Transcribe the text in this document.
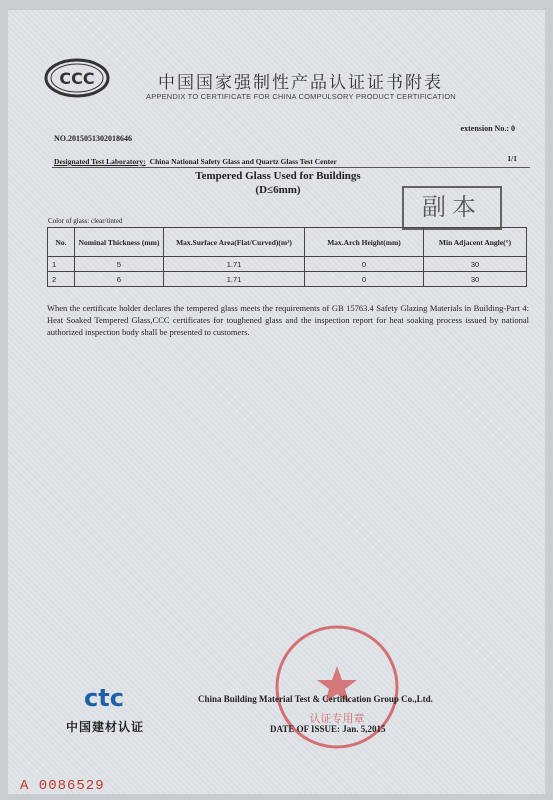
CCC	中国国家强制性产品认证证书附表
APPENDIX TO CERTIFICATE FOR CHINA COMPULSORY PRODUCT CERTIFICATION
NO.2015051302018646
extension No.: 0
Designated Test Laboratory: China National Safety Glass and Quartz Glass Test Center	1/1
Tempered Glass Used for Buildings
(D≤6mm)
副本
Color of glass: clear/tinted
No.	Nominal Thickness (mm)	Max.Surface Area(Flat/Curved)(m²)	Max.Arch Height(mm)	Min Adjacent Angle(°)
1	5	1.71	0	30
2	6	1.71	0	30
When the certificate holder declares the tempered glass meets the requirements of GB 15763.4 Safety Glazing Materials in Building-Part 4: Heat Soaked Tempered Glass,CCC certificates for toughened glass and the inspection report for heat soaking process issued by national authorized inspection body shall be presented to customers.
ctc
中国建材认证
认证专用章
China Building Material Test & Certification Group Co.,Ltd.
DATE OF ISSUE: Jan. 5,2015
A 0086529
